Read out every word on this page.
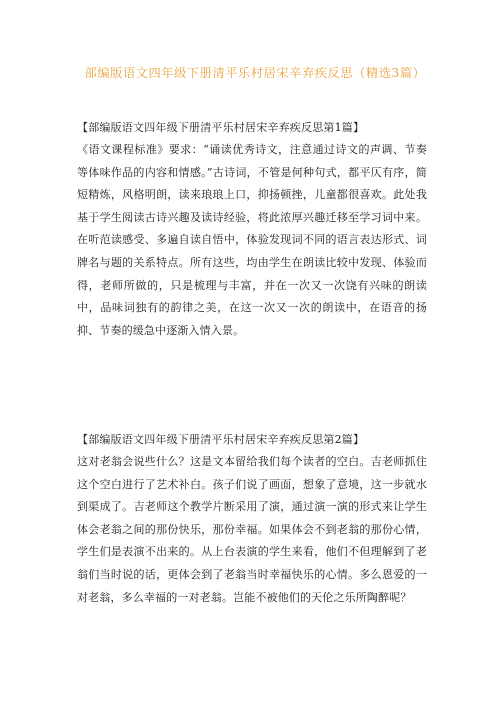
部编版语文四年级下册清平乐村居宋辛弃疾反思（精选3篇）

【部编版语文四年级下册清平乐村居宋辛弃疾反思第1篇】

《语文课程标准》要求：“诵读优秀诗文，注意通过诗文的声调、节奏等体味作品的内容和情感。”古诗词，不管是何种句式，都平仄有序，简短精炼，风格明朗，读来琅琅上口，抑扬顿挫，儿童都很喜欢。此处我基于学生阅读古诗兴趣及读诗经验，将此浓厚兴趣迁移至学习词中来。在听范读感受、多遍自读自悟中，体验发现词不同的语言表达形式、词牌名与题的关系特点。所有这些，均由学生在朗读比较中发现、体验而得，老师所做的，只是梳理与丰富，并在一次又一次饶有兴味的朗读中，品味词独有的韵律之美，在这一次又一次的朗读中，在语音的扬抑、节奏的缓急中逐渐入情入景。

【部编版语文四年级下册清平乐村居宋辛弃疾反思第2篇】

这对老翁会说些什么？这是文本留给我们每个读者的空白。吉老师抓住这个空白进行了艺术补白。孩子们说了画面，想象了意境，这一步就水到渠成了。吉老师这个教学片断采用了演，通过演一演的形式来让学生体会老翁之间的那份快乐，那份幸福。如果体会不到老翁的那份心情，学生们是表演不出来的。从上台表演的学生来看，他们不但理解到了老翁们当时说的话，更体会到了老翁当时幸福快乐的心情。多么恩爱的一对老翁，多么幸福的一对老翁。岂能不被他们的天伦之乐所陶醉呢？
